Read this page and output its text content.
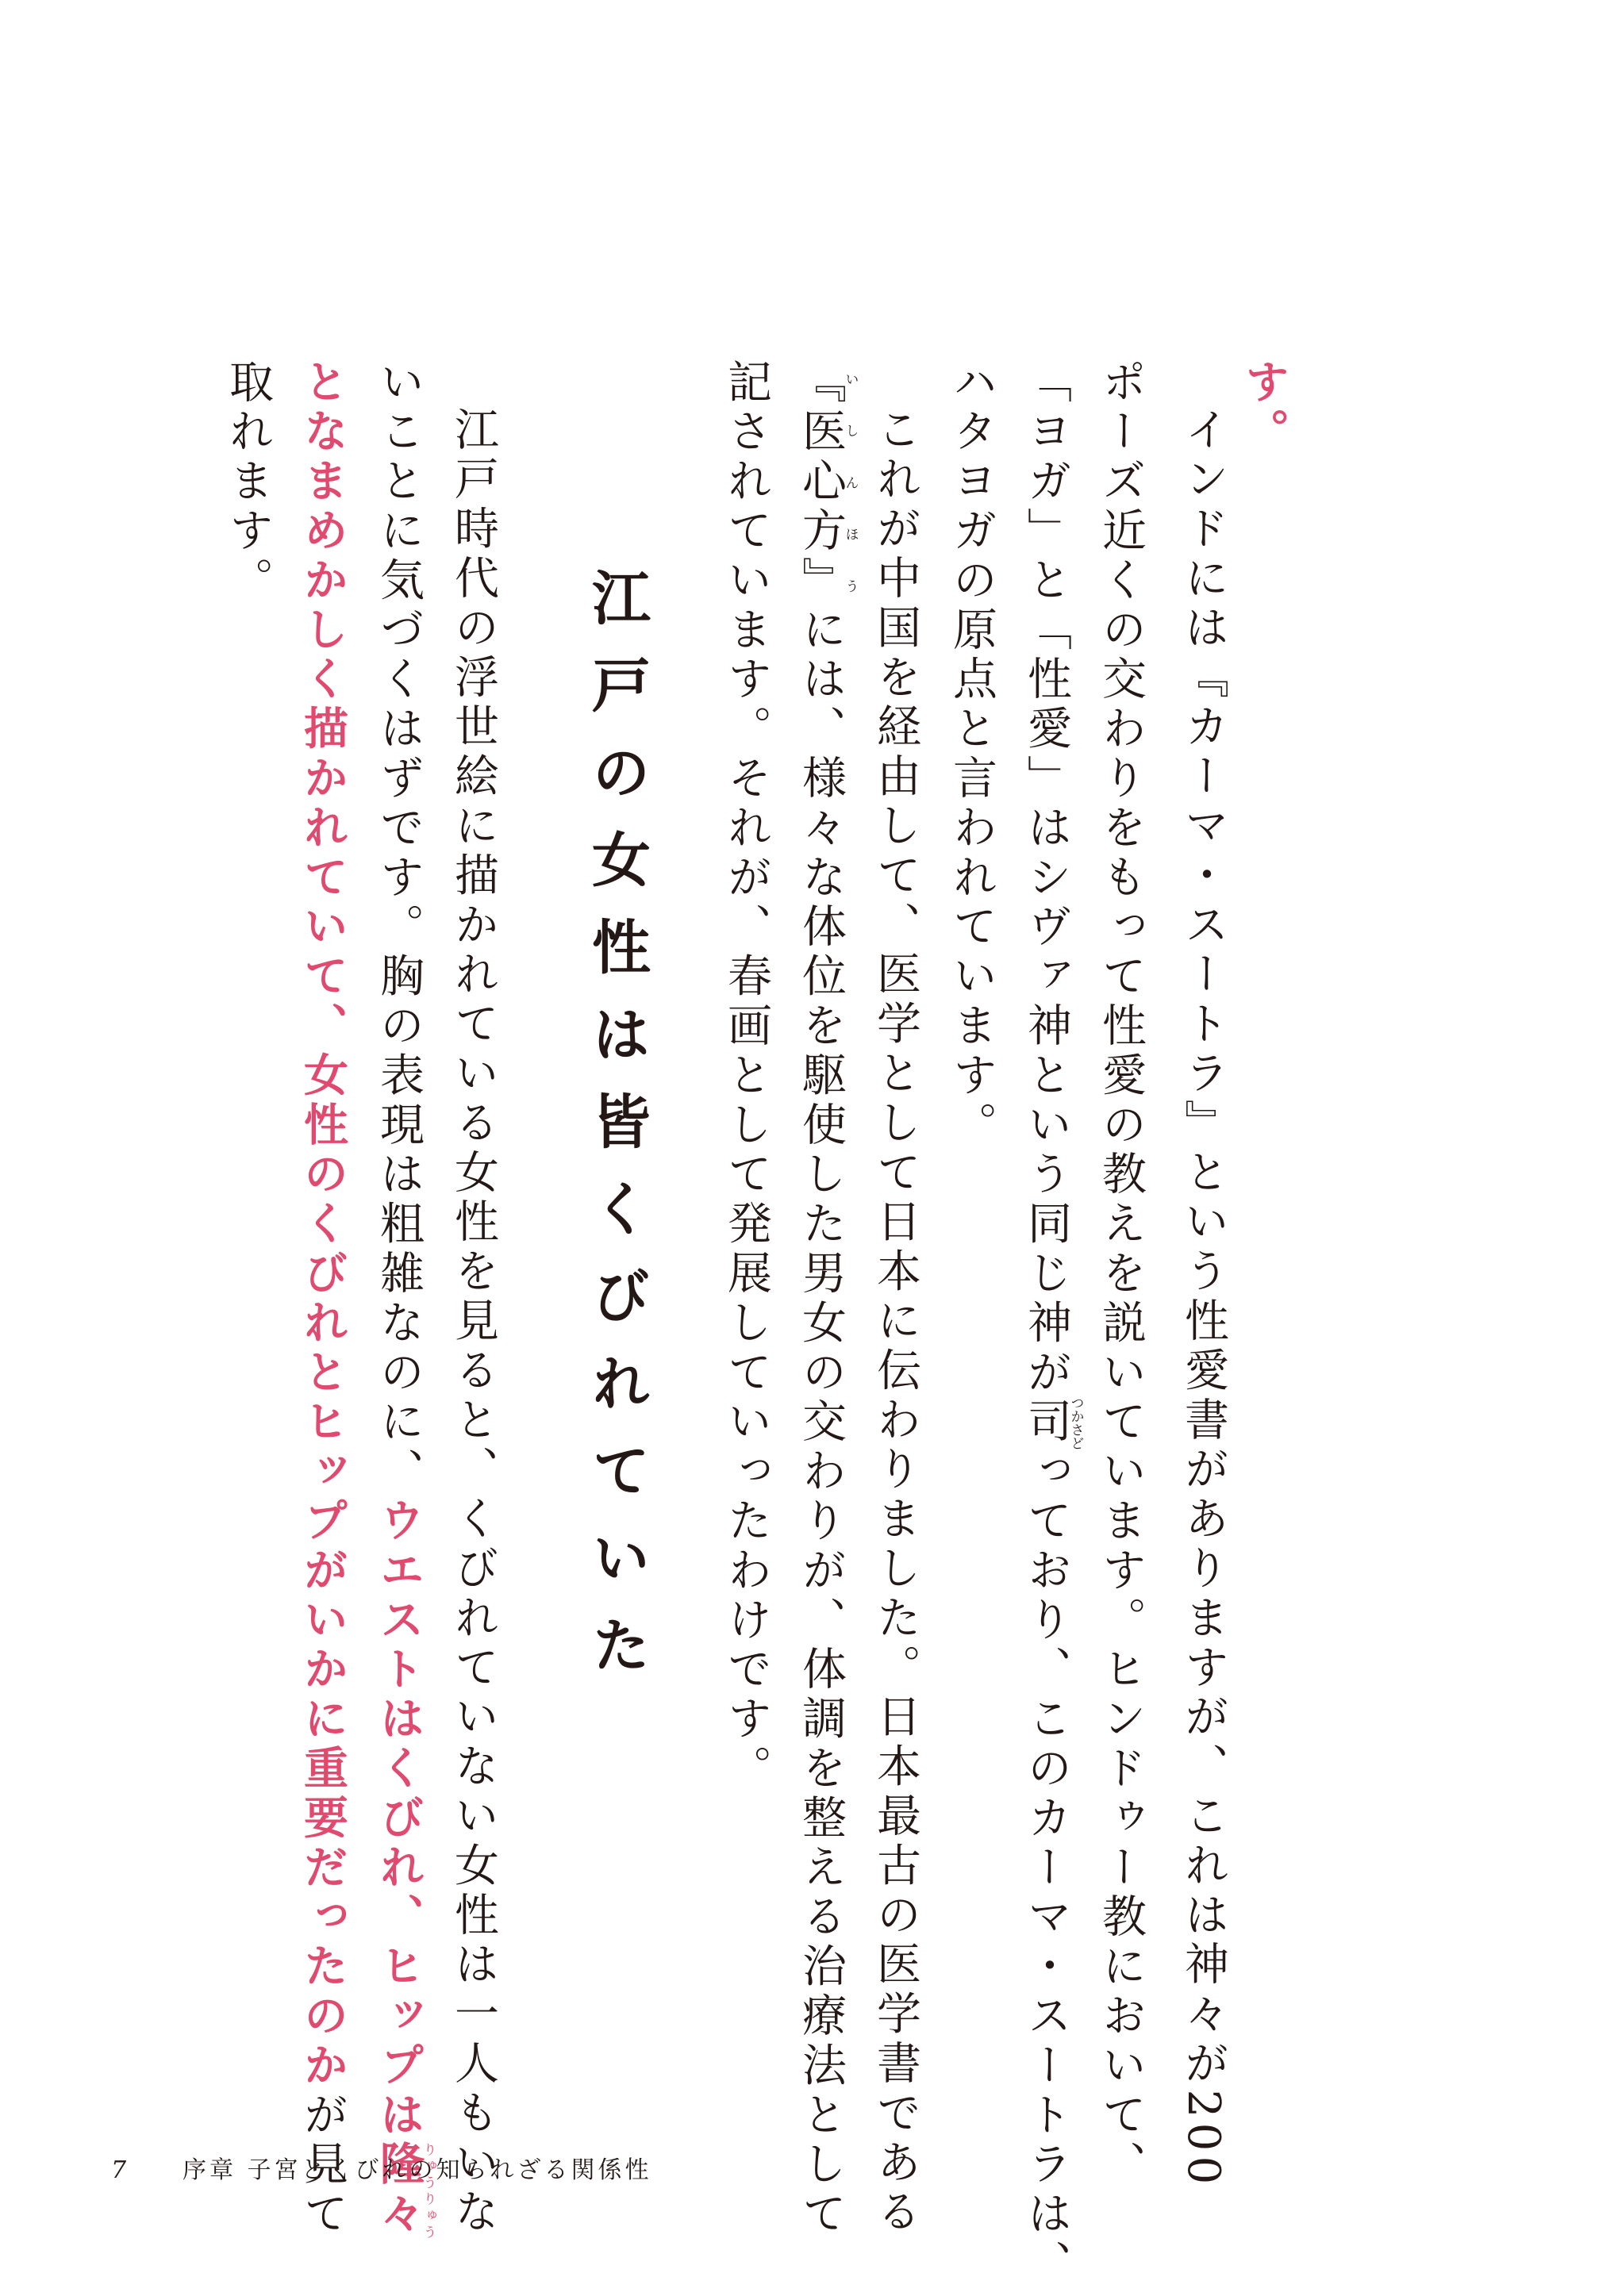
す。
インドには『カーマ・スートラ』という性愛書がありますが、これは神々が200
ポーズ近くの交わりをもって性愛の教えを説いています。ヒンドゥー教において、
「ヨガ」と「性愛」はシヴァ神という同じ神が司つかさどっており、このカーマ・スートラは、
ハタヨガの原点と言われています。
これが中国を経由して、医学として日本に伝わりました。日本最古の医学書である
『医心方』いしんほうには、様々な体位を駆使した男女の交わりが、体調を整える治療法として
記されています。それが、春画として発展していったわけです。
江戸の女性は皆くびれていた
江戸時代の浮世絵に描かれている女性を見ると、くびれていない女性は一人もいな
いことに気づくはずです。胸の表現は粗雑なのに、ウエストはくびれ、ヒップは隆々りゅうりゅう
となまめかしく描かれていて、女性のくびれとヒップがいかに重要だったのかが見て
取れます。
7 序章 子宮とくびれの知られざる関係性
